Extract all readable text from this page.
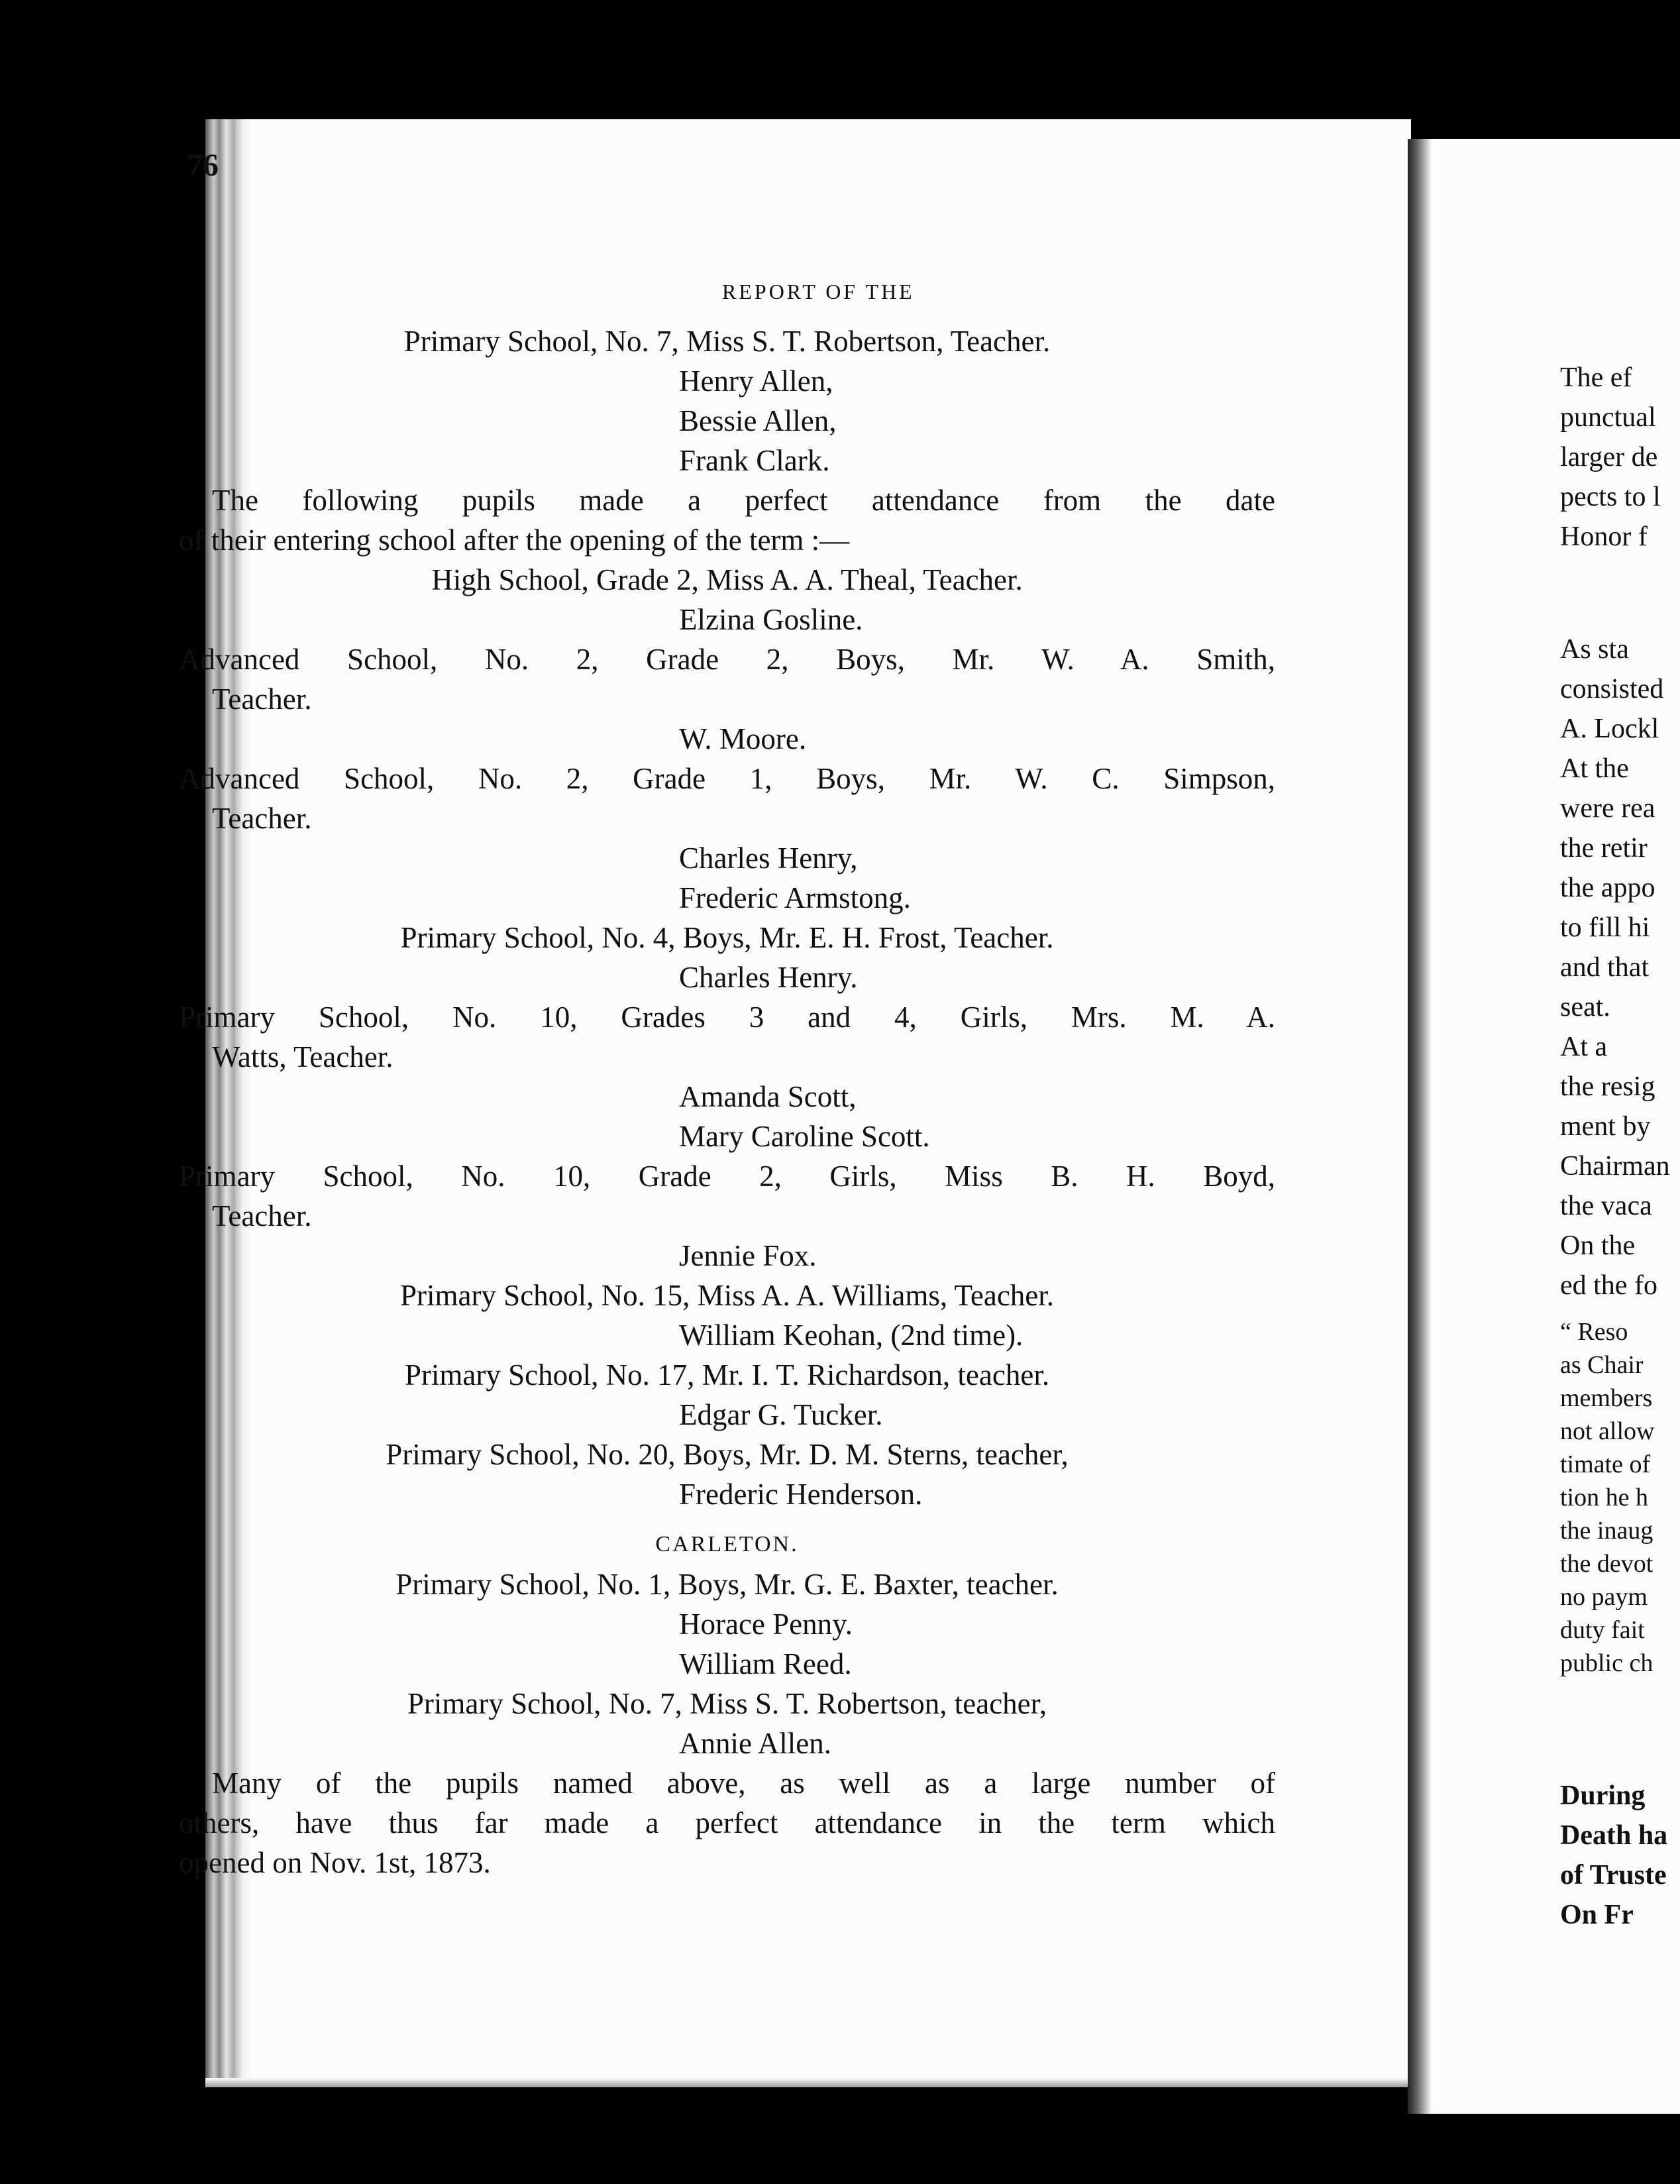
76
REPORT OF THE
Primary School, No. 7, Miss S. T. Robertson, Teacher.
Henry Allen,
Bessie Allen,
Frank Clark.
The following pupils made a perfect attendance from the date
of their entering school after the opening of the term :—
High School, Grade 2, Miss A. A. Theal, Teacher.
Elzina Gosline.
Advanced School, No. 2, Grade 2, Boys, Mr. W. A. Smith,
Teacher.
W. Moore.
Advanced School, No. 2, Grade 1, Boys, Mr. W. C. Simpson,
Teacher.
Charles Henry,
Frederic Armstong.
Primary School, No. 4, Boys, Mr. E. H. Frost, Teacher.
Charles Henry.
Primary School, No. 10, Grades 3 and 4, Girls, Mrs. M. A.
Watts, Teacher.
Amanda Scott,
Mary Caroline Scott.
Primary School, No. 10, Grade 2, Girls, Miss B. H. Boyd,
Teacher.
Jennie Fox.
Primary School, No. 15, Miss A. A. Williams, Teacher.
William Keohan, (2nd time).
Primary School, No. 17, Mr. I. T. Richardson, teacher.
Edgar G. Tucker.
Primary School, No. 20, Boys, Mr. D. M. Sterns, teacher,
Frederic Henderson.
CARLETON.
Primary School, No. 1, Boys, Mr. G. E. Baxter, teacher.
Horace Penny.
William Reed.
Primary School, No. 7, Miss S. T. Robertson, teacher,
Annie Allen.
Many of the pupils named above, as well as a large number of
others, have thus far made a perfect attendance in the term which
opened on Nov. 1st, 1873.
The ef
punctual
larger de
pects to l
Honor f
As sta
consisted
A. Lockl
At the
were rea
the retir
the appo
to fill hi
and that
seat.
At a
the resig
ment by
Chairman
the vaca
On the
ed the fo
“ Reso
as Chair
members
not allow
timate of
tion he h
the inaug
the devot
no paym
duty fait
public ch
During
Death ha
of Truste
On Fr
